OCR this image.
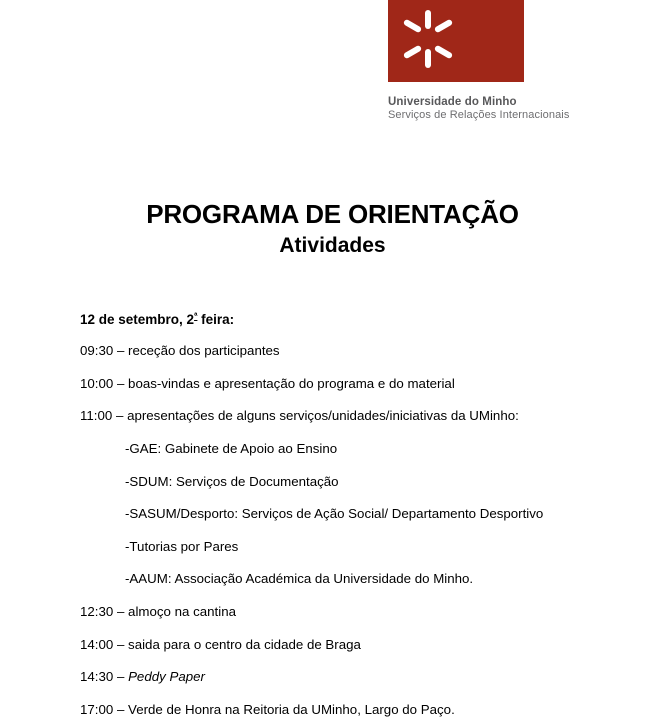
Universidade do Minho
Serviços de Relações Internacionais
PROGRAMA DE ORIENTAÇÃO
Atividades
12 de setembro, $2^ª$ feira:
09:30 – receção dos participantes
10:00 – boas-vindas e apresentação do programa e do material
11:00 – apresentações de alguns serviços/unidades/iniciativas da UMinho:
-GAE: Gabinete de Apoio ao Ensino
-SDUM: Serviços de Documentação
-SASUM/Desporto: Serviços de Ação Social/ Departamento Desportivo
-Tutorias por Pares
-AAUM: Associação Académica da Universidade do Minho.
12:30 – almoço na cantina
14:00 – saida para o centro da cidade de Braga
14:30 – Peddy Paper
17:00 – Verde de Honra na Reitoria da UMinho, Largo do Paço.
